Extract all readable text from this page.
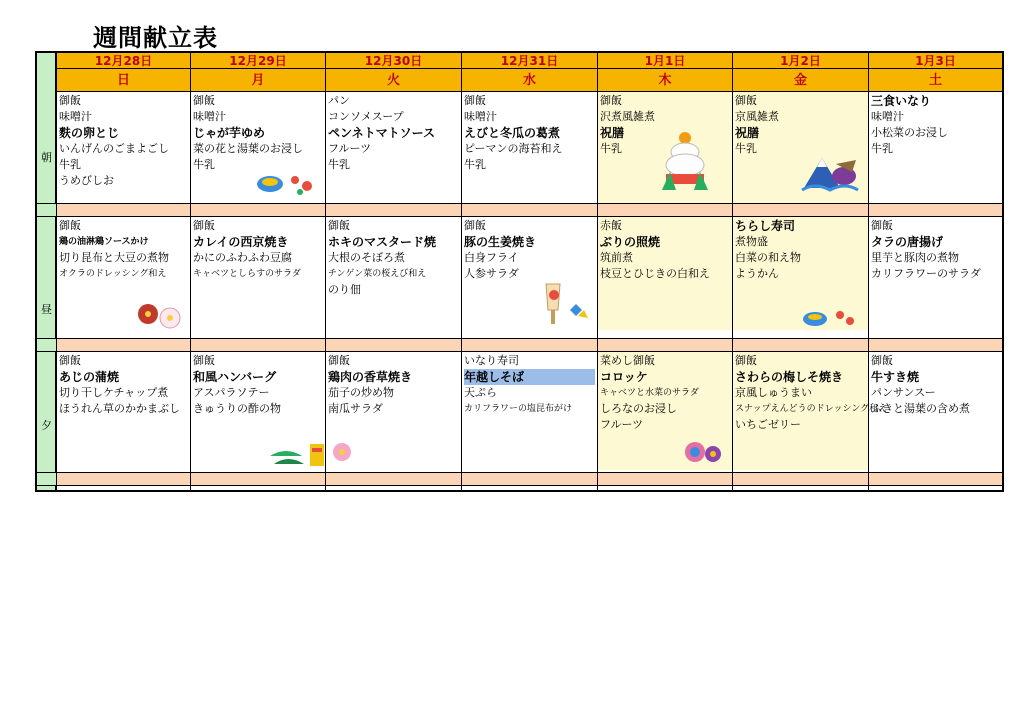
週間献立表
朝
昼
夕
12月28日
日
御飯
味噌汁
麩の卵とじ
いんげんのごまよごし
牛乳
うめびしお
御飯
鶏の油淋鶏ソースかけ
切り昆布と大豆の煮物
オクラのドレッシング和え
御飯
あじの蒲焼
切り干しケチャップ煮
ほうれん草のかかまぶし
12月29日
月
御飯
味噌汁
じゃが芋ゆめ
菜の花と湯葉のお浸し
牛乳
御飯
カレイの西京焼き
かにのふわふわ豆腐
キャベツとしらすのサラダ
御飯
和風ハンバーグ
アスパラソテー
きゅうりの酢の物
12月30日
火
パン
コンソメスープ
ペンネトマトソース
フルーツ
牛乳
御飯
ホキのマスタード焼
大根のそぼろ煮
チンゲン菜の桜えび和え
のり佃
御飯
鶏肉の香草焼き
茄子の炒め物
南瓜サラダ
12月31日
水
御飯
味噌汁
えびと冬瓜の葛煮
ピーマンの海苔和え
牛乳
御飯
豚の生姜焼き
白身フライ
人参サラダ
いなり寿司
年越しそば
天ぷら
カリフラワーの塩昆布がけ
1月1日
木
御飯
沢煮風雑煮
祝膳
牛乳
赤飯
ぶりの照焼
筑前煮
枝豆とひじきの白和え
菜めし御飯
コロッケ
キャベツと水菜のサラダ
しろなのお浸し
フルーツ
1月2日
金
御飯
京風雑煮
祝膳
牛乳
ちらし寿司
煮物盛
白菜の和え物
ようかん
御飯
さわらの梅しそ焼き
京風しゅうまい
スナップえんどうのドレッシング和え
いちごゼリー
1月3日
土
三食いなり
味噌汁
小松菜のお浸し
牛乳
御飯
タラの唐揚げ
里芋と豚肉の煮物
カリフラワーのサラダ
御飯
牛すき焼
パンサンスー
ふきと湯葉の含め煮
